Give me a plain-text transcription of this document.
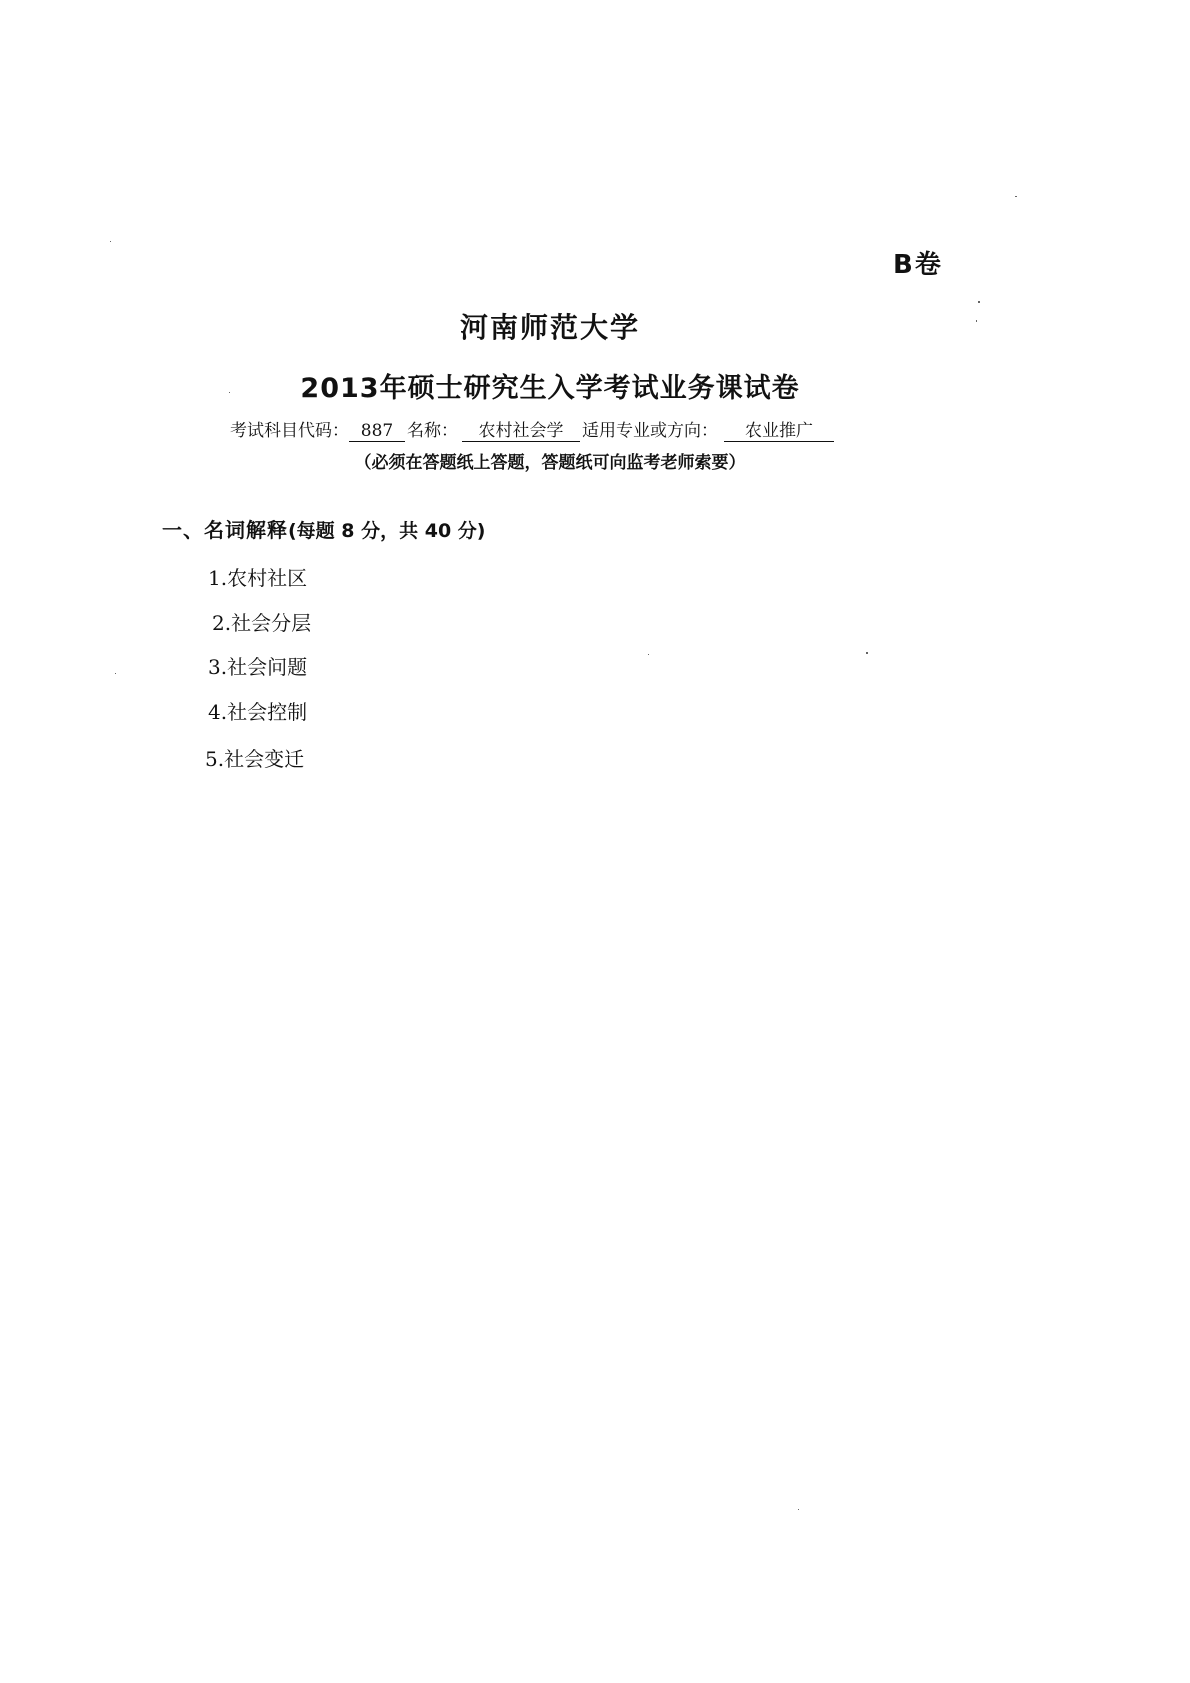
B卷
河南师范大学
2013年硕士研究生入学考试业务课试卷
考试科目代码： 887 名称： 农村社会学 适用专业或方向： 农业推广
（必须在答题纸上答题，答题纸可向监考老师索要）
一、名词解释(每题 8 分，共 40 分)
1.农村社区
2.社会分层
3.社会问题
4.社会控制
5.社会变迁
